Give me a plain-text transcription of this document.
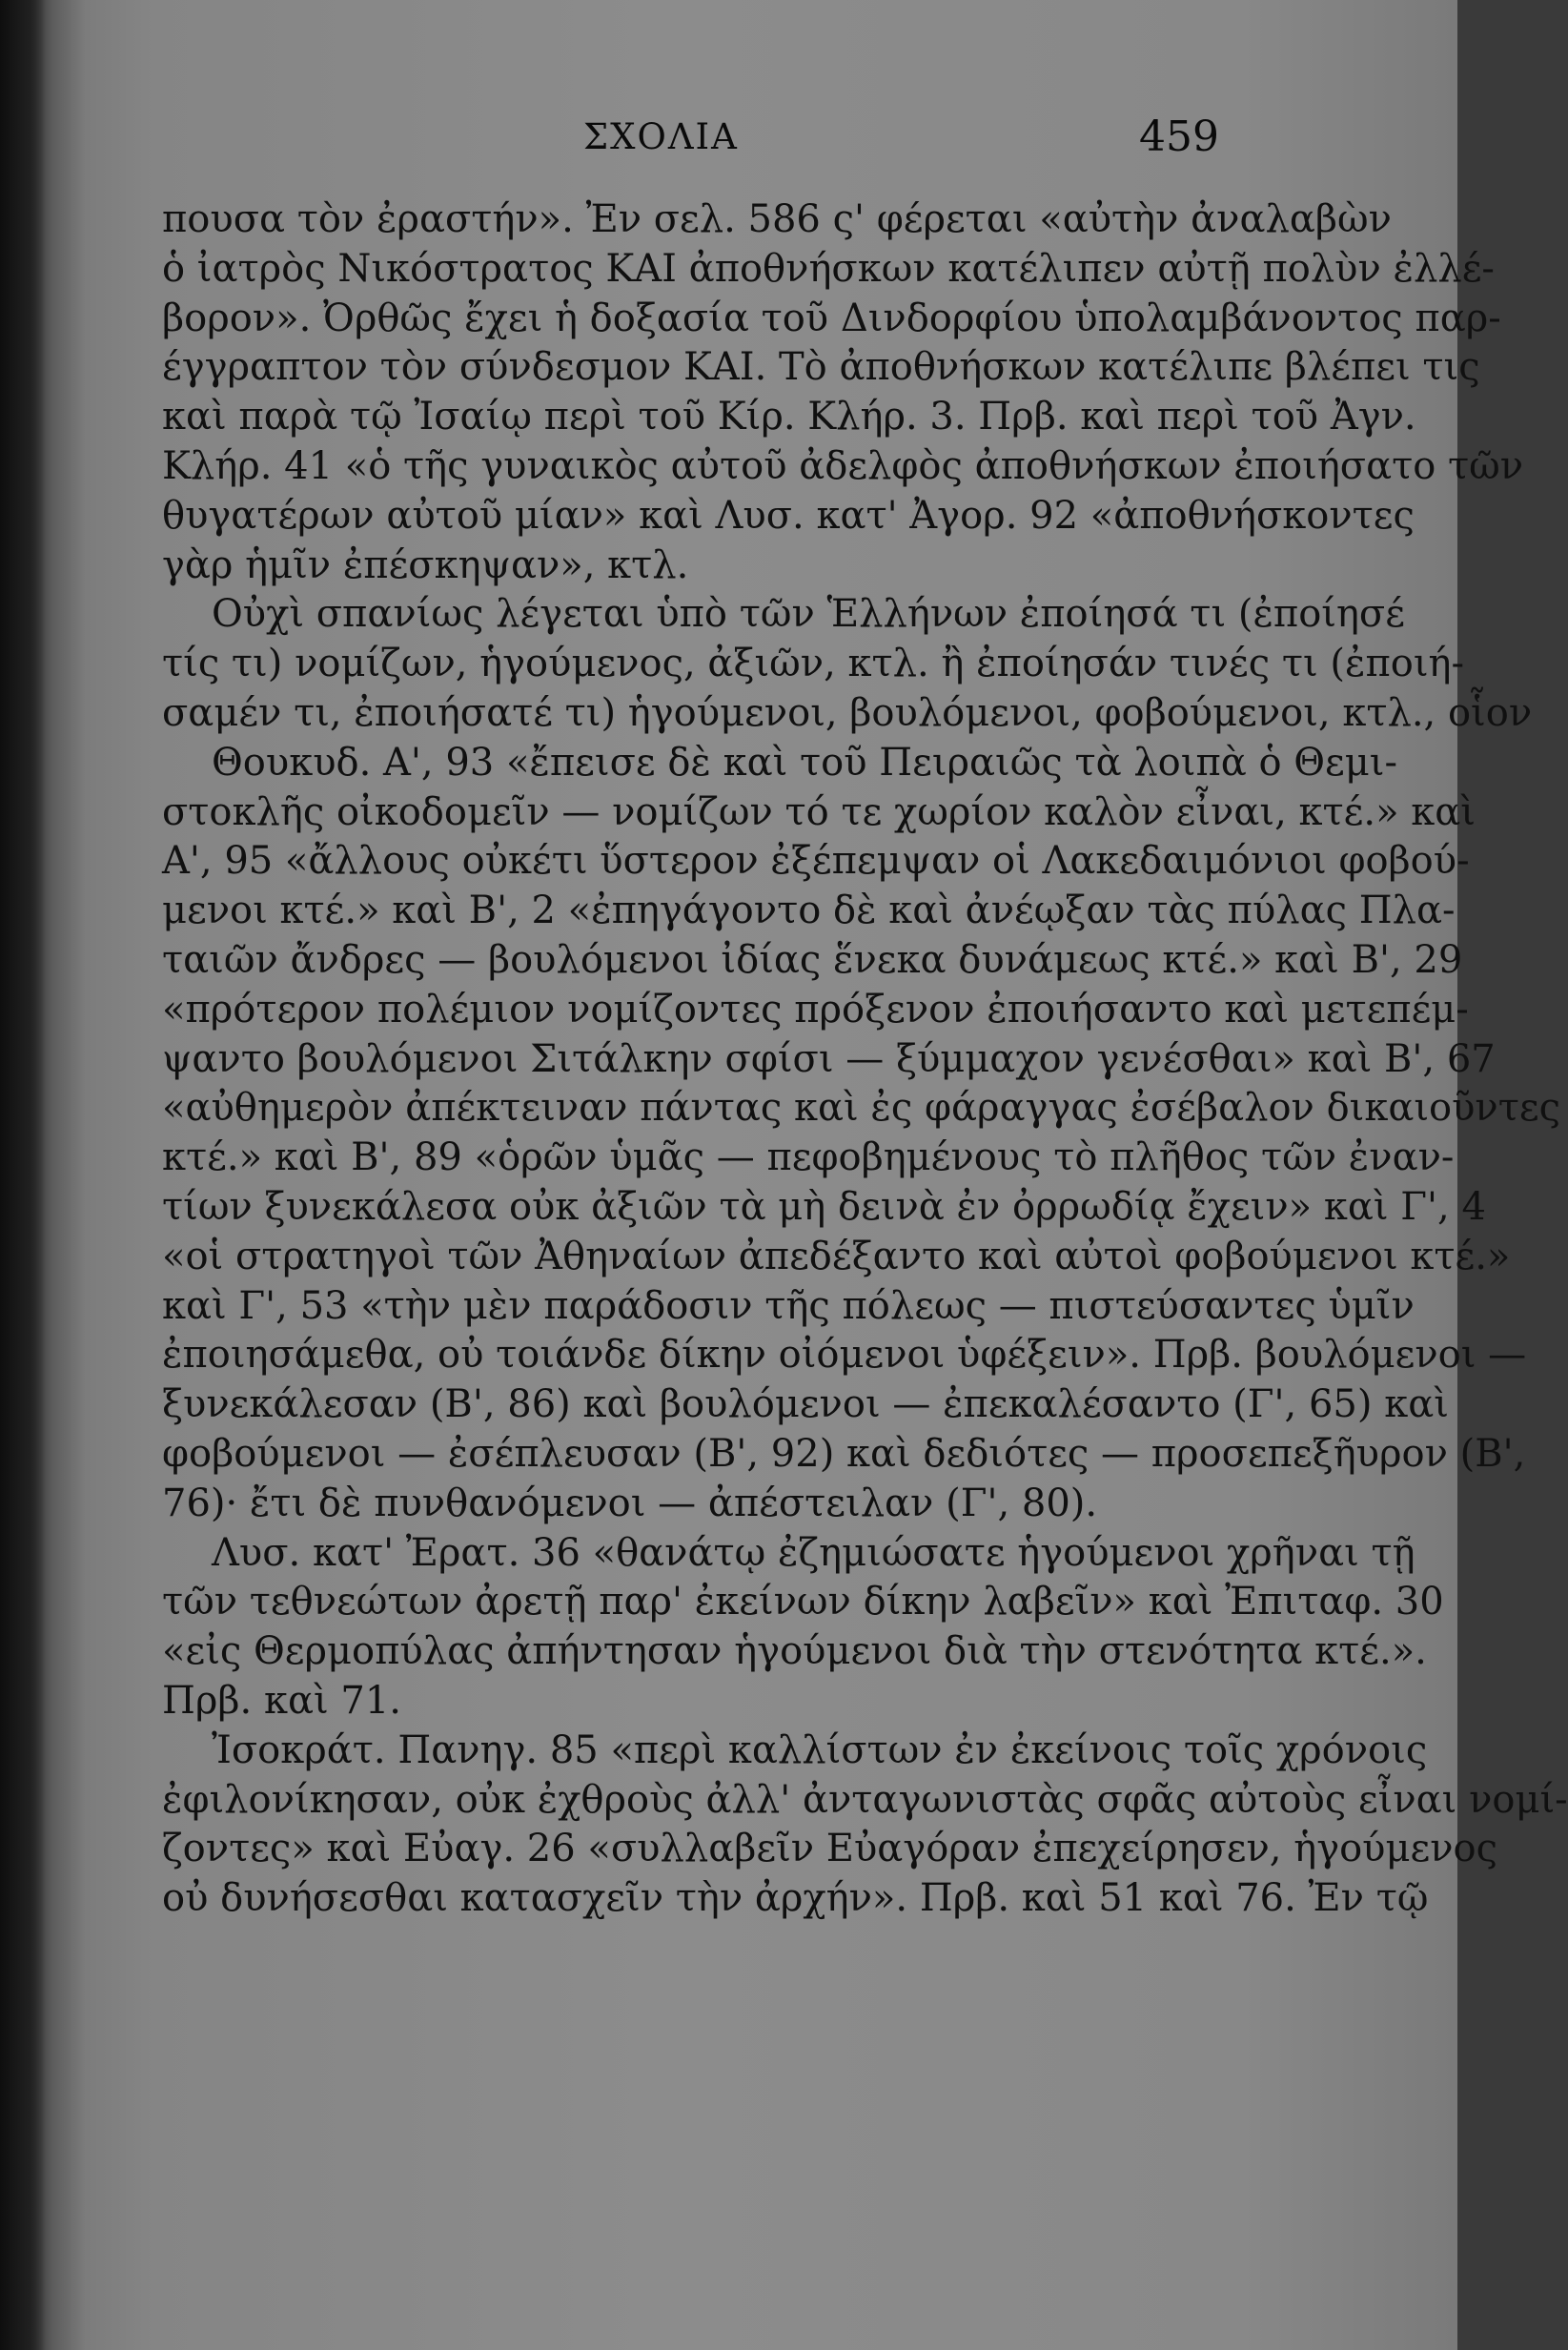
ΣΧΟΛΙΑ	459
πουσα τὸν ἐραστήν». Ἐν σελ. 586 ς' φέρεται «αὐτὴν ἀναλαβὼν
ὁ ἰατρὸς Νικόστρατος ΚΑΙ ἀποθνήσκων κατέλιπεν αὐτῇ πολὺν ἐλλέ-
βορον». Ὀρθῶς ἔχει ἡ δοξασία τοῦ Δινδορφίου ὑπολαμβάνοντος παρ-
έγγραπτον τὸν σύνδεσμον ΚΑΙ. Τὸ ἀποθνήσκων κατέλιπε βλέπει τις
καὶ παρὰ τῷ Ἰσαίῳ περὶ τοῦ Κίρ. Κλήρ. 3. Πρβ. καὶ περὶ τοῦ Ἀγν.
Κλήρ. 41 «ὁ τῆς γυναικὸς αὐτοῦ ἀδελφὸς ἀποθνήσκων ἐποιήσατο τῶν
θυγατέρων αὐτοῦ μίαν» καὶ Λυσ. κατ' Ἀγορ. 92 «ἀποθνήσκοντες
γὰρ ἡμῖν ἐπέσκηψαν», κτλ.
Οὐχὶ σπανίως λέγεται ὑπὸ τῶν Ἑλλήνων ἐποίησά τι (ἐποίησέ
τίς τι) νομίζων, ἡγούμενος, ἀξιῶν, κτλ. ἢ ἐποίησάν τινές τι (ἐποιή-
σαμέν τι, ἐποιήσατέ τι) ἡγούμενοι, βουλόμενοι, φοβούμενοι, κτλ., οἷον
Θουκυδ. Α', 93 «ἔπεισε δὲ καὶ τοῦ Πειραιῶς τὰ λοιπὰ ὁ Θεμι-
στοκλῆς οἰκοδομεῖν — νομίζων τό τε χωρίον καλὸν εἶναι, κτέ.» καὶ
Α', 95 «ἄλλους οὐκέτι ὕστερον ἐξέπεμψαν οἱ Λακεδαιμόνιοι φοβού-
μενοι κτέ.» καὶ Β', 2 «ἐπηγάγοντο δὲ καὶ ἀνέῳξαν τὰς πύλας Πλα-
ταιῶν ἄνδρες — βουλόμενοι ἰδίας ἕνεκα δυνάμεως κτέ.» καὶ Β', 29
«πρότερον πολέμιον νομίζοντες πρόξενον ἐποιήσαντο καὶ μετεπέμ-
ψαντο βουλόμενοι Σιτάλκην σφίσι — ξύμμαχον γενέσθαι» καὶ Β', 67
«αὐθημερὸν ἀπέκτειναν πάντας καὶ ἐς φάραγγας ἐσέβαλον δικαιοῦντες
κτέ.» καὶ Β', 89 «ὁρῶν ὑμᾶς — πεφοβημένους τὸ πλῆθος τῶν ἐναν-
τίων ξυνεκάλεσα οὐκ ἀξιῶν τὰ μὴ δεινὰ ἐν ὀρρωδίᾳ ἔχειν» καὶ Γ', 4
«οἱ στρατηγοὶ τῶν Ἀθηναίων ἀπεδέξαντο καὶ αὐτοὶ φοβούμενοι κτέ.»
καὶ Γ', 53 «τὴν μὲν παράδοσιν τῆς πόλεως — πιστεύσαντες ὑμῖν
ἐποιησάμεθα, οὐ τοιάνδε δίκην οἰόμενοι ὑφέξειν». Πρβ. βουλόμενοι —
ξυνεκάλεσαν (Β', 86) καὶ βουλόμενοι — ἐπεκαλέσαντο (Γ', 65) καὶ
φοβούμενοι — ἐσέπλευσαν (Β', 92) καὶ δεδιότες — προσεπεξῆυρον (Β',
76)· ἔτι δὲ πυνθανόμενοι — ἀπέστειλαν (Γ', 80).
Λυσ. κατ' Ἐρατ. 36 «θανάτῳ ἐζημιώσατε ἡγούμενοι χρῆναι τῇ
τῶν τεθνεώτων ἀρετῇ παρ' ἐκείνων δίκην λαβεῖν» καὶ Ἐπιταφ. 30
«εἰς Θερμοπύλας ἀπήντησαν ἡγούμενοι διὰ τὴν στενότητα κτέ.».
Πρβ. καὶ 71.
Ἰσοκράτ. Πανηγ. 85 «περὶ καλλίστων ἐν ἐκείνοις τοῖς χρόνοις
ἐφιλονίκησαν, οὐκ ἐχθροὺς ἀλλ' ἀνταγωνιστὰς σφᾶς αὐτοὺς εἶναι νομί-
ζοντες» καὶ Εὐαγ. 26 «συλλαβεῖν Εὐαγόραν ἐπεχείρησεν, ἡγούμενος
οὐ δυνήσεσθαι κατασχεῖν τὴν ἀρχήν». Πρβ. καὶ 51 καὶ 76. Ἐν τῷ
